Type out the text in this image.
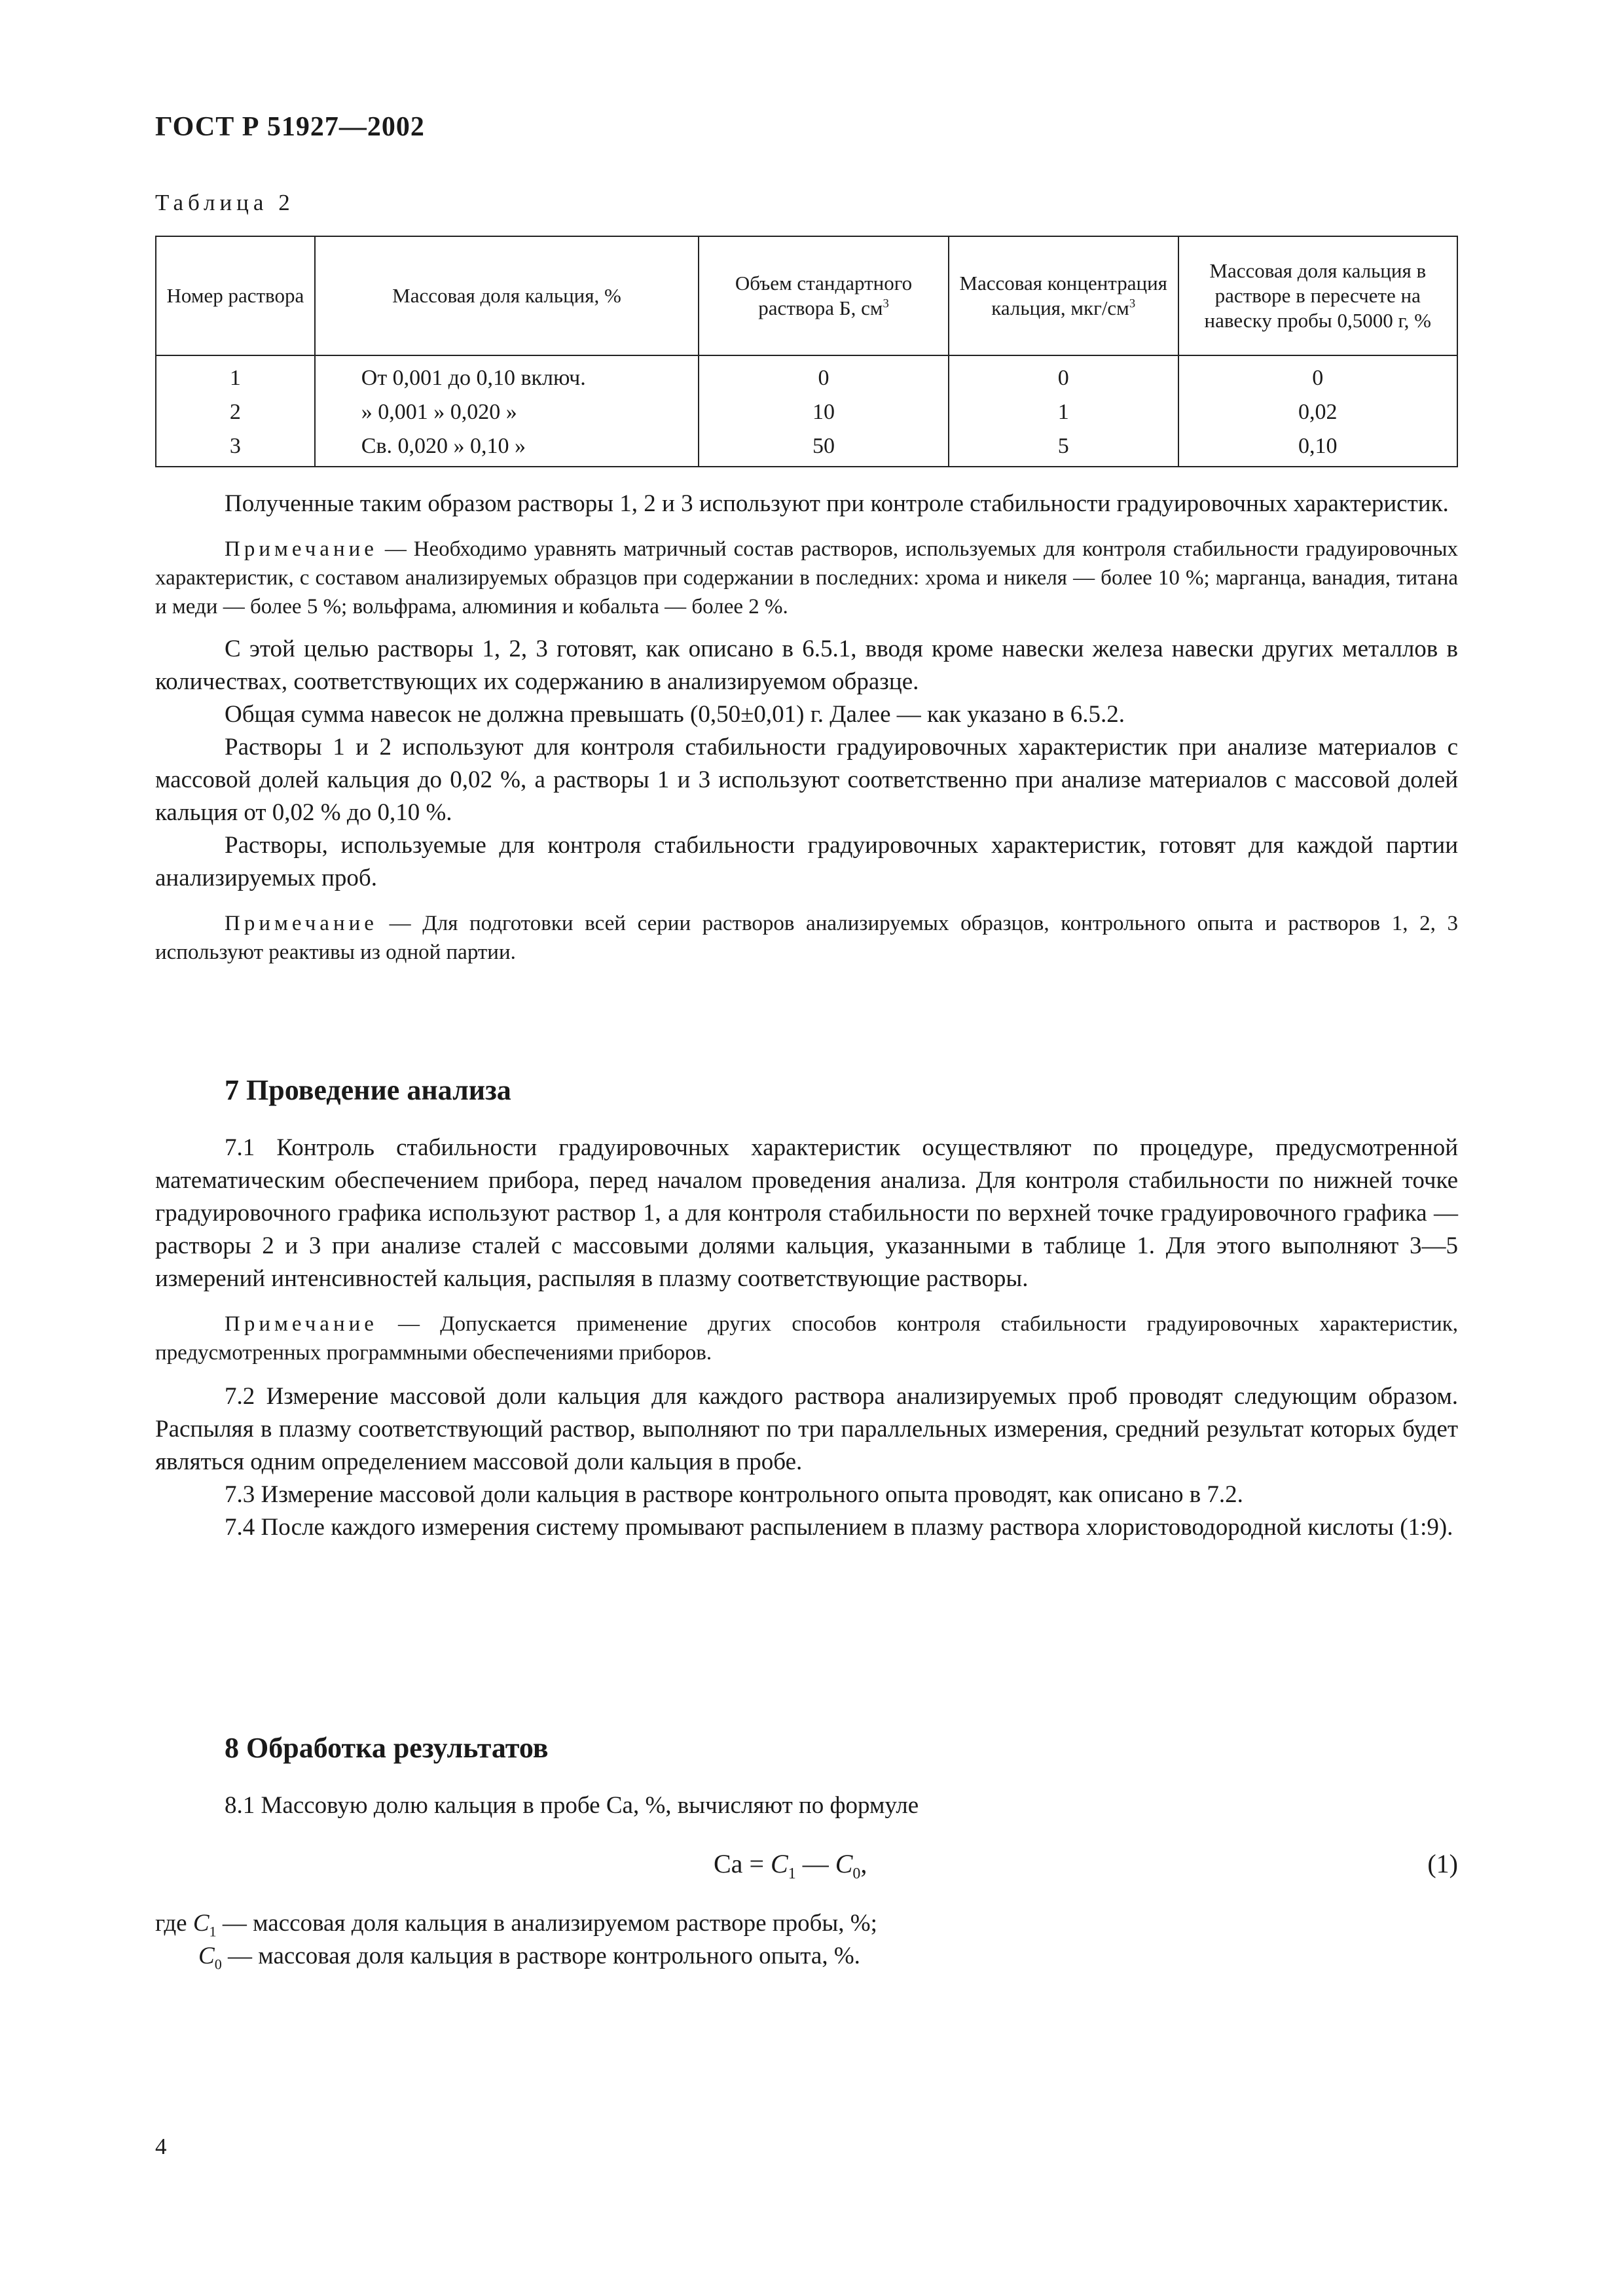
ГОСТ Р 51927—2002
Таблица 2
Номер раствора	Массовая доля кальция, %	Объем стандартного раствора Б, $см^3$	Массовая концентрация кальция, мкг/$см^3$	Массовая доля кальция в растворе в пересчете на навеску пробы 0,5000 г, %
1	От 0,001 до 0,10 включ.	0	0	0
2	» 0,001 » 0,020 »	10	1	0,02
3	Св. 0,020 » 0,10 »	50	5	0,10

Полученные таким образом растворы 1, 2 и 3 используют при контроле стабильности градуировочных характеристик.

Примечание — Необходимо уравнять матричный состав растворов, используемых для контроля стабильности градуировочных характеристик, с составом анализируемых образцов при содержании в последних: хрома и никеля — более 10 %; марганца, ванадия, титана и меди — более 5 %; вольфрама, алюминия и кобальта — более 2 %.

С этой целью растворы 1, 2, 3 готовят, как описано в 6.5.1, вводя кроме навески железа навески других металлов в количествах, соответствующих их содержанию в анализируемом образце.

Общая сумма навесок не должна превышать (0,50±0,01) г. Далее — как указано в 6.5.2.

Растворы 1 и 2 используют для контроля стабильности градуировочных характеристик при анализе материалов с массовой долей кальция до 0,02 %, а растворы 1 и 3 используют соответственно при анализе материалов с массовой долей кальция от 0,02 % до 0,10 %.

Растворы, используемые для контроля стабильности градуировочных характеристик, готовят для каждой партии анализируемых проб.

Примечание — Для подготовки всей серии растворов анализируемых образцов, контрольного опыта и растворов 1, 2, 3 используют реактивы из одной партии.

7 Проведение анализа

7.1 Контроль стабильности градуировочных характеристик осуществляют по процедуре, предусмотренной математическим обеспечением прибора, перед началом проведения анализа. Для контроля стабильности по нижней точке градуировочного графика используют раствор 1, а для контроля стабильности по верхней точке градуировочного графика — растворы 2 и 3 при анализе сталей с массовыми долями кальция, указанными в таблице 1. Для этого выполняют 3—5 измерений интенсивностей кальция, распыляя в плазму соответствующие растворы.

Примечание — Допускается применение других способов контроля стабильности градуировочных характеристик, предусмотренных программными обеспечениями приборов.

7.2 Измерение массовой доли кальция для каждого раствора анализируемых проб проводят следующим образом. Распыляя в плазму соответствующий раствор, выполняют по три параллельных измерения, средний результат которых будет являться одним определением массовой доли кальция в пробе.

7.3 Измерение массовой доли кальция в растворе контрольного опыта проводят, как описано в 7.2.

7.4 После каждого измерения систему промывают распылением в плазму раствора хлористоводородной кислоты (1:9).

8 Обработка результатов

8.1 Массовую долю кальция в пробе Са, %, вычисляют по формуле

Са = $C_1$ — $C_0$,	(1)

где $C_1$ — массовая доля кальция в анализируемом растворе пробы, %;

$C_0$ — массовая доля кальция в растворе контрольного опыта, %.

4
